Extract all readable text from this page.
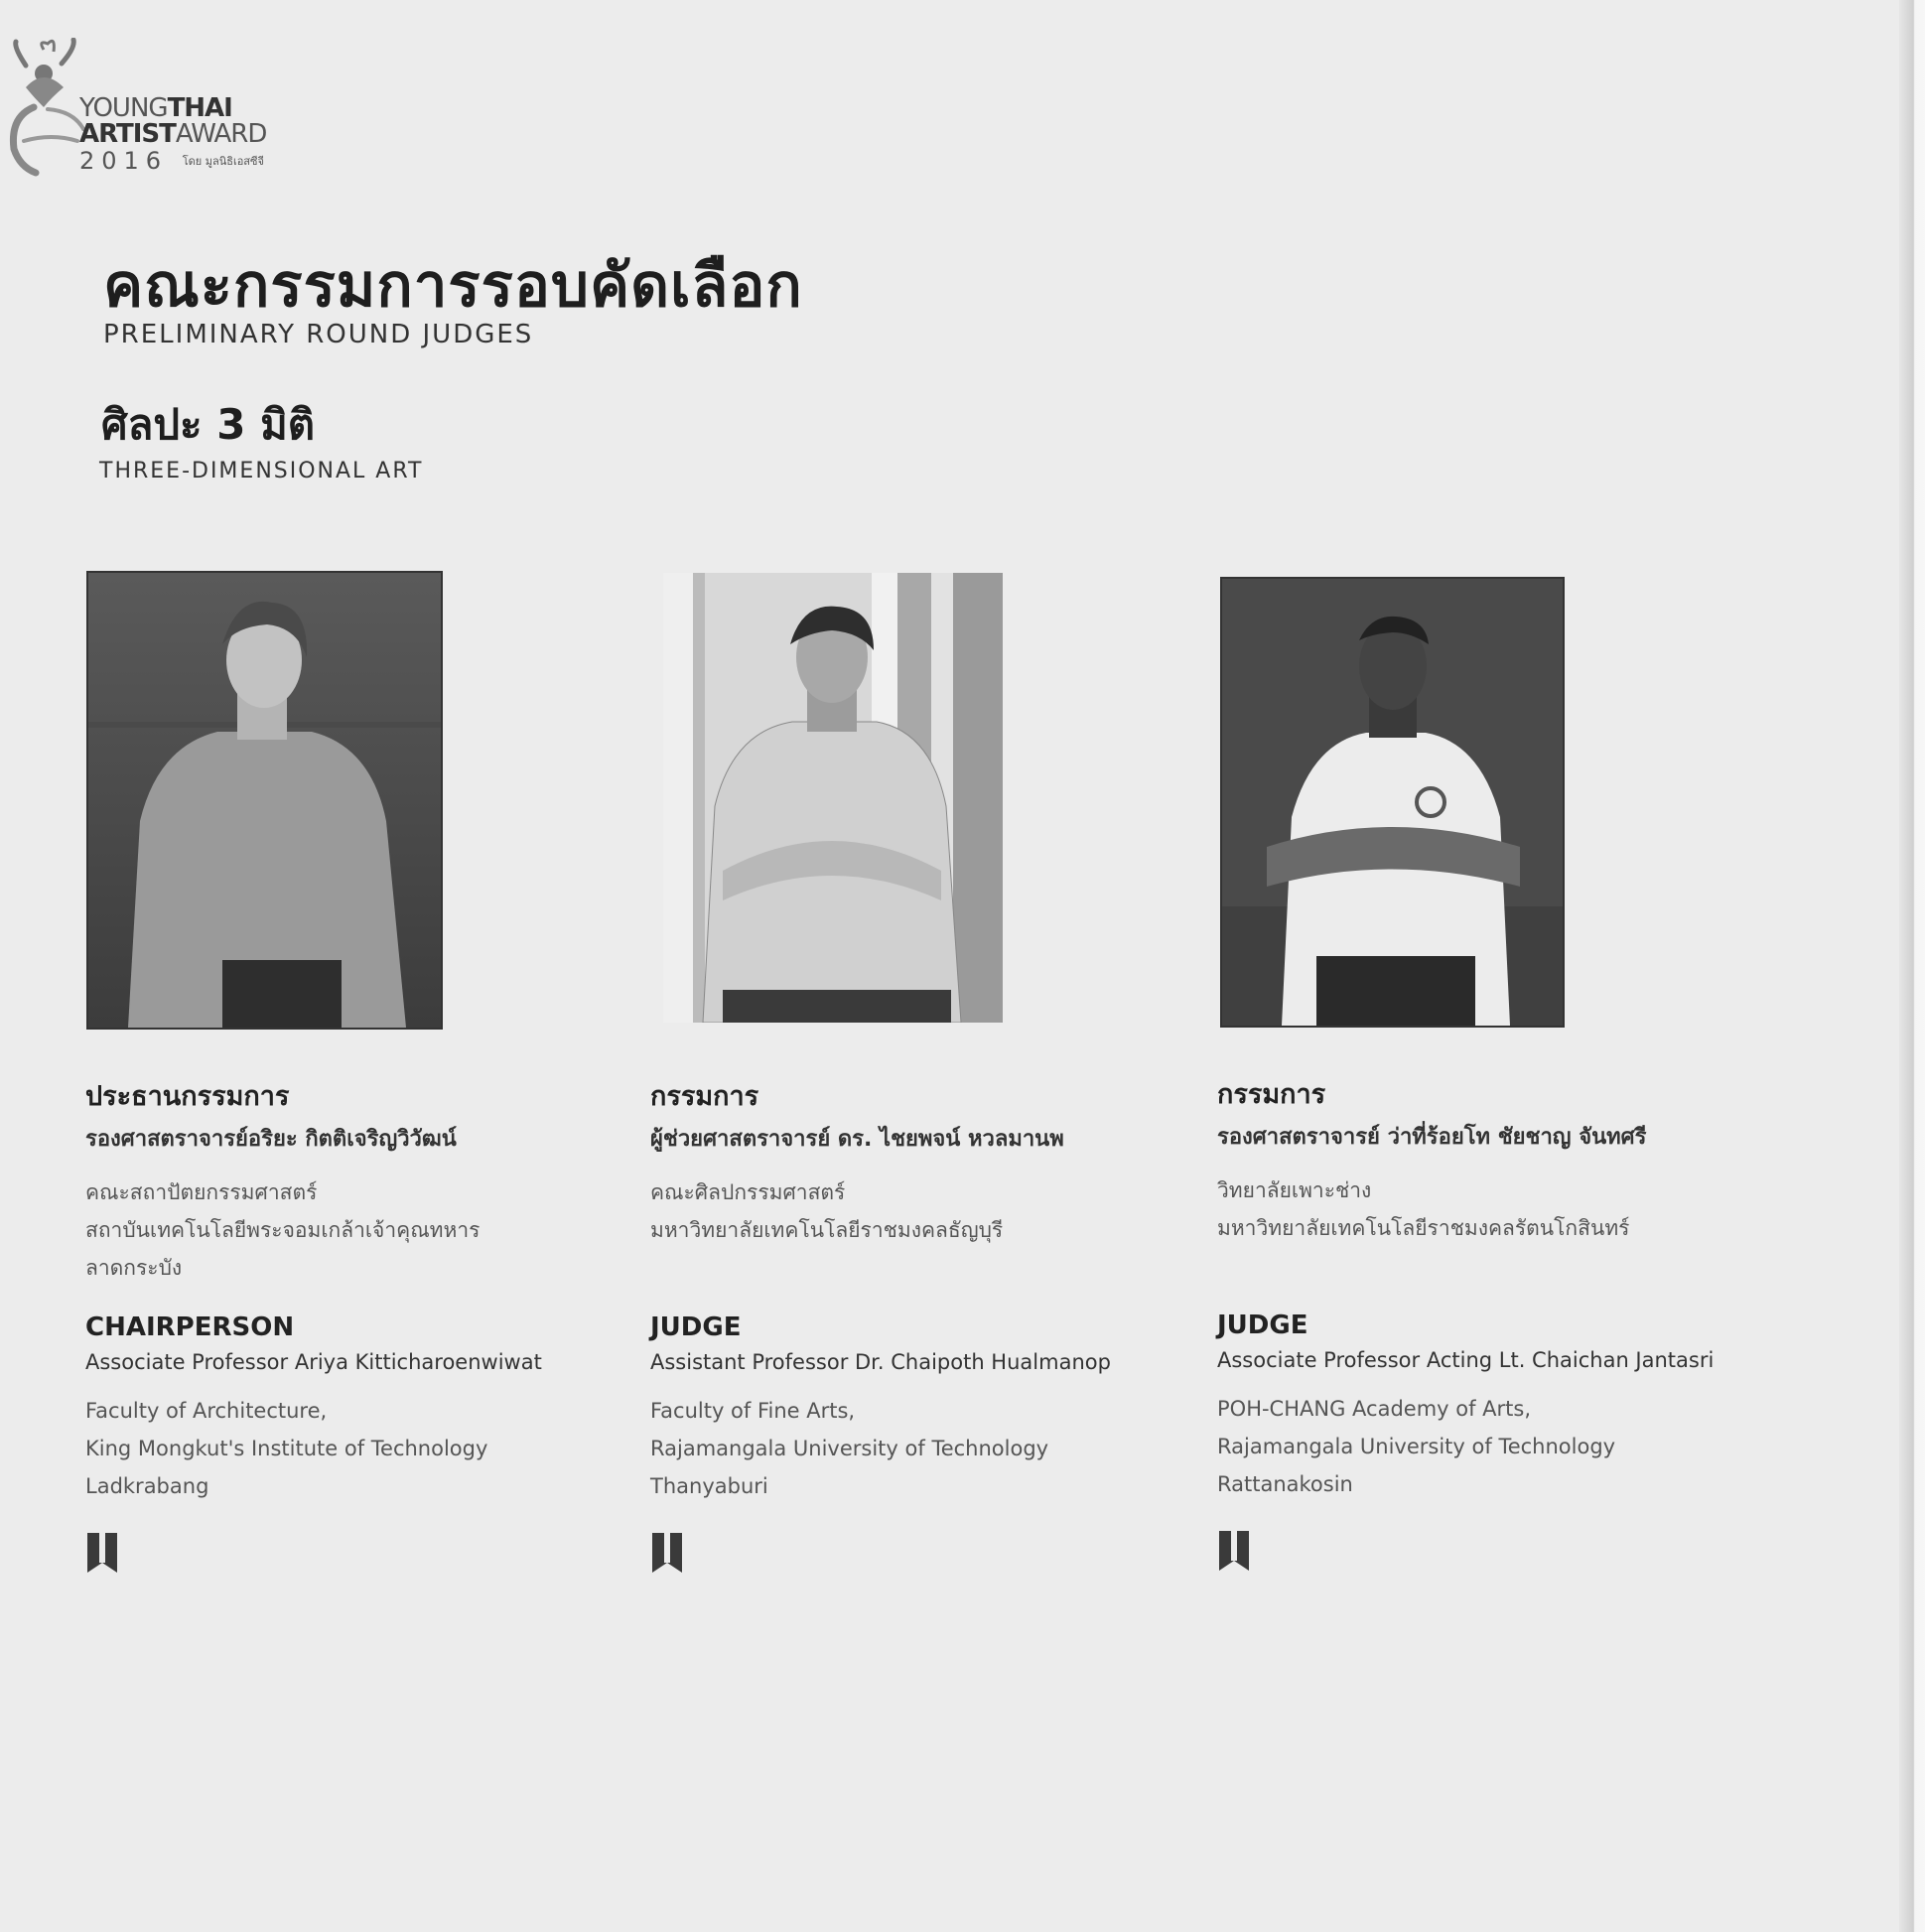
YOUNGTHAI
ARTISTAWARD
2016 โดย มูลนิธิเอสซีจี
คณะกรรมการรอบคัดเลือก
PRELIMINARY ROUND JUDGES
ศิลปะ 3 มิติ
THREE-DIMENSIONAL ART
ประธานกรรมการ
รองศาสตราจารย์อริยะ กิตติเจริญวิวัฒน์
คณะสถาปัตยกรรมศาสตร์
สถาบันเทคโนโลยีพระจอมเกล้าเจ้าคุณทหาร
ลาดกระบัง
CHAIRPERSON
Associate Professor Ariya Kitticharoenwiwat
Faculty of Architecture,
King Mongkut's Institute of Technology
Ladkrabang
กรรมการ
ผู้ช่วยศาสตราจารย์ ดร. ไชยพจน์ หวลมานพ
คณะศิลปกรรมศาสตร์
มหาวิทยาลัยเทคโนโลยีราชมงคลธัญบุรี
JUDGE
Assistant Professor Dr. Chaipoth Hualmanop
Faculty of Fine Arts,
Rajamangala University of Technology
Thanyaburi
กรรมการ
รองศาสตราจารย์ ว่าที่ร้อยโท ชัยชาญ จันทศรี
วิทยาลัยเพาะช่าง
มหาวิทยาลัยเทคโนโลยีราชมงคลรัตนโกสินทร์
JUDGE
Associate Professor Acting Lt. Chaichan Jantasri
POH-CHANG Academy of Arts,
Rajamangala University of Technology
Rattanakosin
